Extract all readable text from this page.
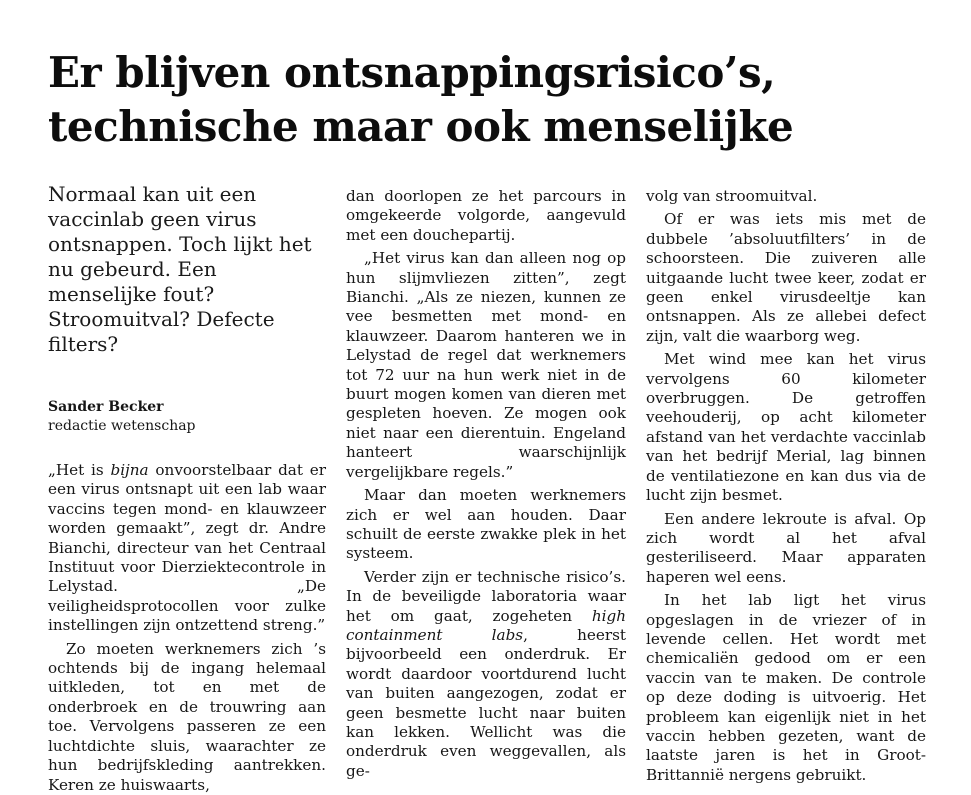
Er blijven ontsnappingsrisico’s,
technische maar ook menselijke

Normaal kan uit een vaccinlab geen virus ontsnappen. Toch lijkt het nu gebeurd. Een menselijke fout? Stroomuitval? Defecte filters?

Sander Becker
redactie wetenschap

„Het is bijna onvoorstelbaar dat er een virus ontsnapt uit een lab waar vaccins tegen mond- en klauwzeer worden gemaakt”, zegt dr. Andre Bianchi, directeur van het Centraal Instituut voor Dierziektecontrole in Lelystad. „De veiligheidsprotocollen voor zulke instellingen zijn ontzettend streng.”

Zo moeten werknemers zich ’s ochtends bij de ingang helemaal uitkleden, tot en met de onderbroek en de trouwring aan toe. Vervolgens passeren ze een luchtdichte sluis, waarachter ze hun bedrijfskleding aantrekken. Keren ze huiswaarts,

dan doorlopen ze het parcours in omgekeerde volgorde, aangevuld met een douchepartij.

„Het virus kan dan alleen nog op hun slijmvliezen zitten”, zegt Bianchi. „Als ze niezen, kunnen ze vee besmetten met mond- en klauwzeer. Daarom hanteren we in Lelystad de regel dat werknemers tot 72 uur na hun werk niet in de buurt mogen komen van dieren met gespleten hoeven. Ze mogen ook niet naar een dierentuin. Engeland hanteert waarschijnlijk vergelijkbare regels.”

Maar dan moeten werknemers zich er wel aan houden. Daar schuilt de eerste zwakke plek in het systeem.

Verder zijn er technische risico’s. In de beveiligde laboratoria waar het om gaat, zogeheten high containment labs, heerst bijvoorbeeld een onderdruk. Er wordt daardoor voortdurend lucht van buiten aangezogen, zodat er geen besmette lucht naar buiten kan lekken. Wellicht was die onderdruk even weggevallen, als ge-

volg van stroomuitval.

Of er was iets mis met de dubbele ’absoluutfilters’ in de schoorsteen. Die zuiveren alle uitgaande lucht twee keer, zodat er geen enkel virusdeeltje kan ontsnappen. Als ze allebei defect zijn, valt die waarborg weg.

Met wind mee kan het virus vervolgens 60 kilometer overbruggen. De getroffen veehouderij, op acht kilometer afstand van het verdachte vaccinlab van het bedrijf Merial, lag binnen de ventilatiezone en kan dus via de lucht zijn besmet.

Een andere lekroute is afval. Op zich wordt al het afval gesteriliseerd. Maar apparaten haperen wel eens.

In het lab ligt het virus opgeslagen in de vriezer of in levende cellen. Het wordt met chemicaliën gedood om er een vaccin van te maken. De controle op deze doding is uitvoerig. Het probleem kan eigenlijk niet in het vaccin hebben gezeten, want de laatste jaren is het in Groot-Brittannië nergens gebruikt.
